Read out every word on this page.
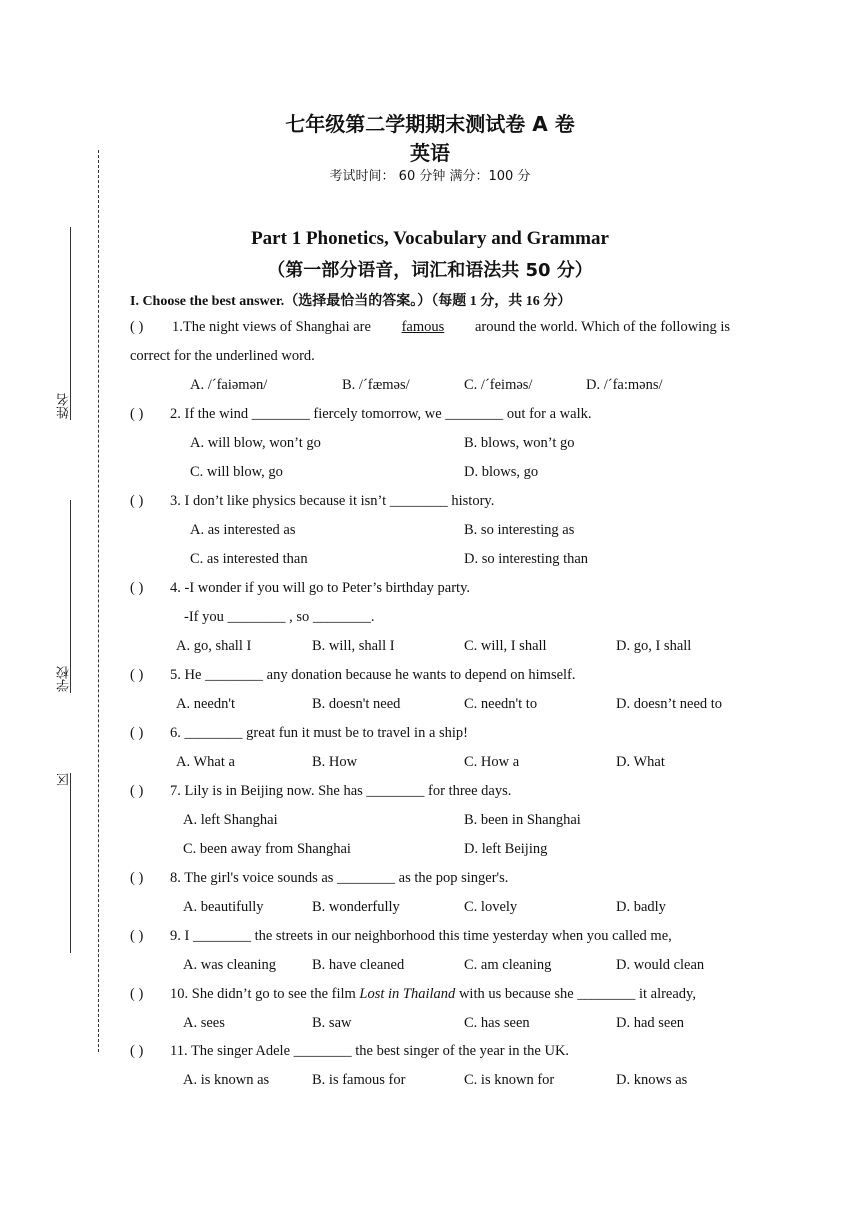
姓名
学校
区
七年级第二学期期末测试卷 A 卷
英语
考试时间： 60 分钟 满分：100 分
Part 1 Phonetics, Vocabulary and Grammar
（第一部分语音，词汇和语法共 50 分）
I. Choose the best answer.（选择最恰当的答案。）（每题 1 分，共 16 分）
( ) 1.The night views of Shanghai are famous around the world. Which of the following is
correct for the underlined word.
A. /ˊfaiəmən/	B. /ˊfæməs/	C. /ˊfeiməs/	D. /ˊfa:məns/
( ) 2. If the wind ________ fiercely tomorrow, we ________ out for a walk.
A. will blow, won’t go	B. blows, won’t go
C. will blow, go	D. blows, go
( ) 3. I don’t like physics because it isn’t ________ history.
A. as interested as	B. so interesting as
C. as interested than	D. so interesting than
( ) 4. -I wonder if you will go to Peter’s birthday party.
-If you ________ , so ________.
A. go, shall I	B. will, shall I	C. will, I shall	D. go, I shall
( ) 5. He ________ any donation because he wants to depend on himself.
A. needn't	B. doesn't need	C. needn't to	D. doesn’t need to
( ) 6. ________ great fun it must be to travel in a ship!
A. What a	B. How	C. How a	D. What
( ) 7. Lily is in Beijing now. She has ________ for three days.
A. left Shanghai	B. been in Shanghai
C. been away from Shanghai	D. left Beijing
( ) 8. The girl's voice sounds as ________ as the pop singer's.
A. beautifully	B. wonderfully	C. lovely	D. badly
( ) 9. I ________ the streets in our neighborhood this time yesterday when you called me,
A. was cleaning B. have cleaned	C. am cleaning	D. would clean
( ) 10. She didn’t go to see the film Lost in Thailand with us because she ________ it already,
A. sees	B. saw	C. has seen	D. had seen
( ) 11. The singer Adele ________ the best singer of the year in the UK.
A. is known as	B. is famous for	C. is known for	D. knows as
